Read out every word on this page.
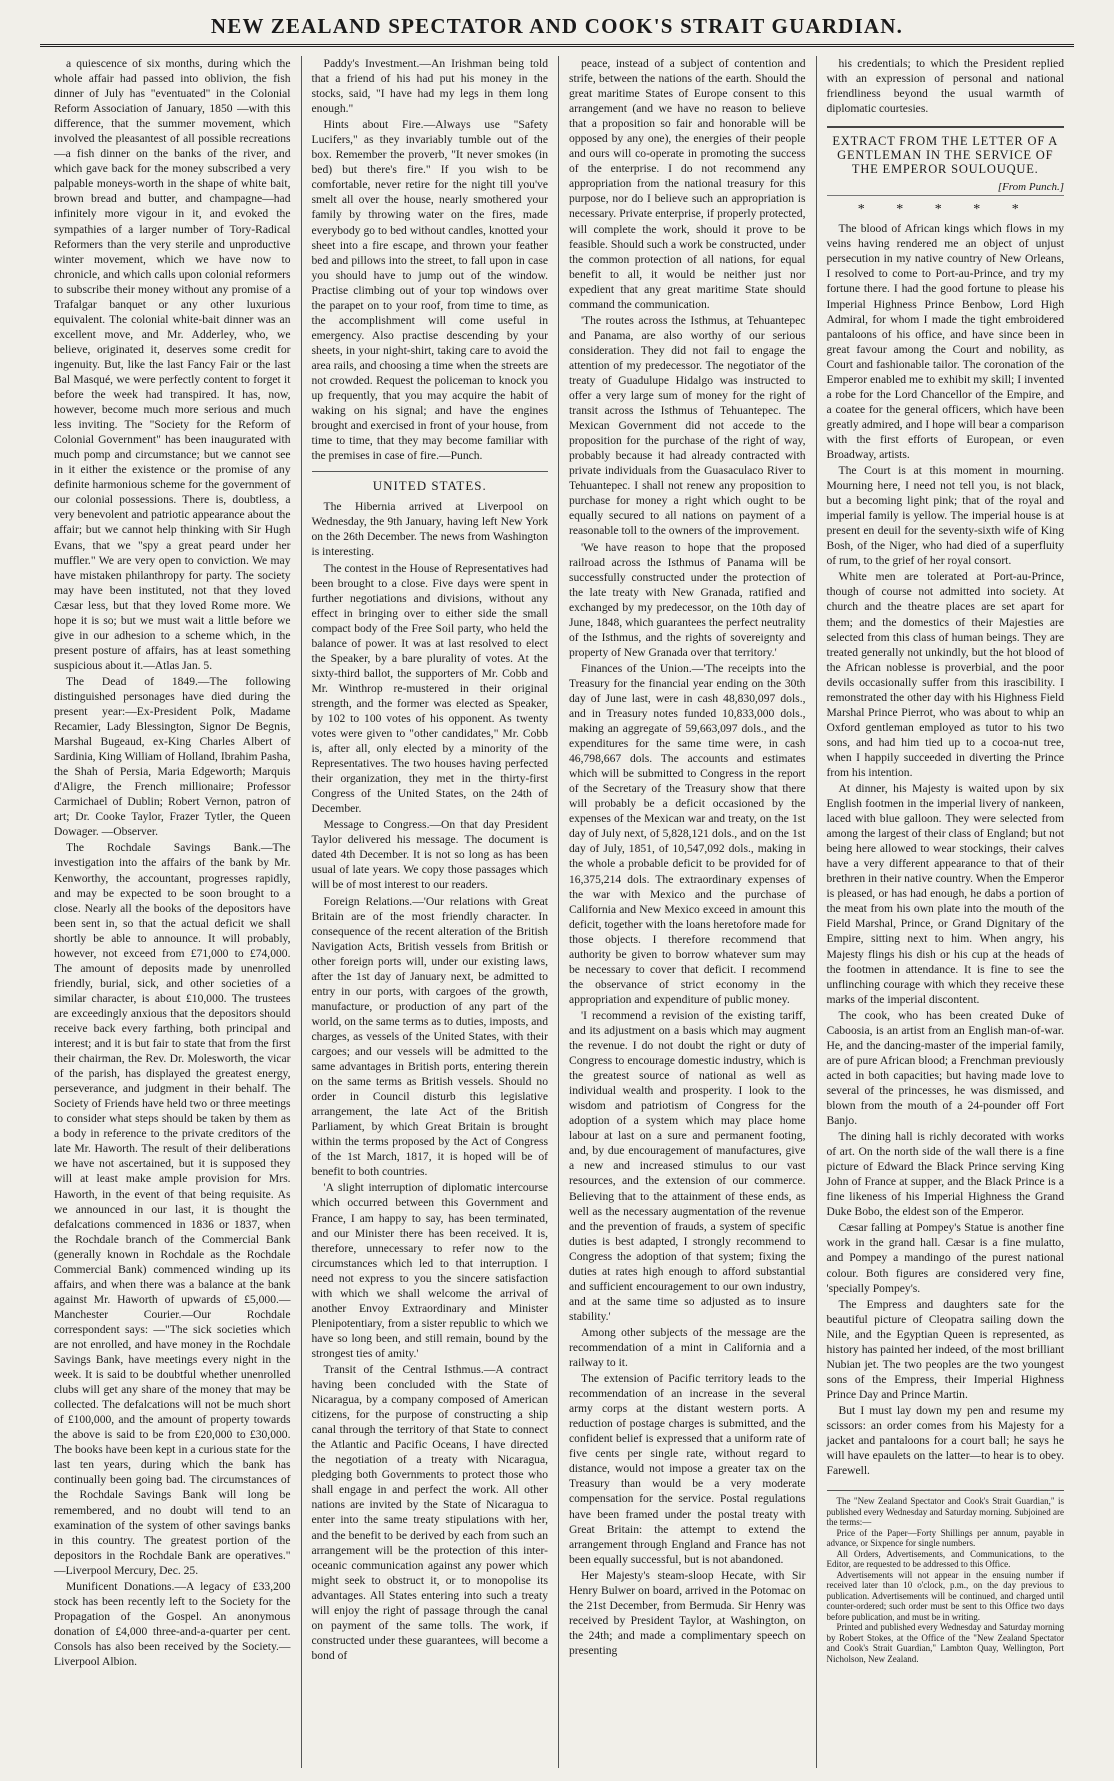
NEW ZEALAND SPECTATOR AND COOK'S STRAIT GUARDIAN.

a quiescence of six months, during which the whole affair had passed into oblivion, the fish dinner of July has "eventuated" in the Colonial Reform Association of January, 1850 —with this difference, that the summer movement, which involved the pleasantest of all possible recreations—a fish dinner on the banks of the river, and which gave back for the money subscribed a very palpable moneys-worth in the shape of white bait, brown bread and butter, and champagne—had infinitely more vigour in it, and evoked the sympathies of a larger number of Tory-Radical Reformers than the very sterile and unproductive winter movement, which we have now to chronicle, and which calls upon colonial reformers to subscribe their money without any promise of a Trafalgar banquet or any other luxurious equivalent. The colonial white-bait dinner was an excellent move, and Mr. Adderley, who, we believe, originated it, deserves some credit for ingenuity. But, like the last Fancy Fair or the last Bal Masqué, we were perfectly content to forget it before the week had transpired. It has, now, however, become much more serious and much less inviting. The "Society for the Reform of Colonial Government" has been inaugurated with much pomp and circumstance; but we cannot see in it either the existence or the promise of any definite harmonious scheme for the government of our colonial possessions. There is, doubtless, a very benevolent and patriotic appearance about the affair; but we cannot help thinking with Sir Hugh Evans, that we "spy a great peard under her muffler." We are very open to conviction. We may have mistaken philanthropy for party. The society may have been instituted, not that they loved Cæsar less, but that they loved Rome more. We hope it is so; but we must wait a little before we give in our adhesion to a scheme which, in the present posture of affairs, has at least something suspicious about it.—Atlas Jan. 5.

The Dead of 1849.—The following distinguished personages have died during the present year:—Ex-President Polk, Madame Recamier, Lady Blessington, Signor De Begnis, Marshal Bugeaud, ex-King Charles Albert of Sardinia, King William of Holland, Ibrahim Pasha, the Shah of Persia, Maria Edgeworth; Marquis d'Aligre, the French millionaire; Professor Carmichael of Dublin; Robert Vernon, patron of art; Dr. Cooke Taylor, Frazer Tytler, the Queen Dowager. —Observer.

The Rochdale Savings Bank.—The investigation into the affairs of the bank by Mr. Kenworthy, the accountant, progresses rapidly, and may be expected to be soon brought to a close. Nearly all the books of the depositors have been sent in, so that the actual deficit we shall shortly be able to announce. It will probably, however, not exceed from £71,000 to £74,000. The amount of deposits made by unenrolled friendly, burial, sick, and other societies of a similar character, is about £10,000. The trustees are exceedingly anxious that the depositors should receive back every farthing, both principal and interest; and it is but fair to state that from the first their chairman, the Rev. Dr. Molesworth, the vicar of the parish, has displayed the greatest energy, perseverance, and judgment in their behalf. The Society of Friends have held two or three meetings to consider what steps should be taken by them as a body in reference to the private creditors of the late Mr. Haworth. The result of their deliberations we have not ascertained, but it is supposed they will at least make ample provision for Mrs. Haworth, in the event of that being requisite. As we announced in our last, it is thought the defalcations commenced in 1836 or 1837, when the Rochdale branch of the Commercial Bank (generally known in Rochdale as the Rochdale Commercial Bank) commenced winding up its affairs, and when there was a balance at the bank against Mr. Haworth of upwards of £5,000.—Manchester Courier.—Our Rochdale correspondent says: —"The sick societies which are not enrolled, and have money in the Rochdale Savings Bank, have meetings every night in the week. It is said to be doubtful whether unenrolled clubs will get any share of the money that may be collected. The defalcations will not be much short of £100,000, and the amount of property towards the above is said to be from £20,000 to £30,000. The books have been kept in a curious state for the last ten years, during which the bank has continually been going bad. The circumstances of the Rochdale Savings Bank will long be remembered, and no doubt will tend to an examination of the system of other savings banks in this country. The greatest portion of the depositors in the Rochdale Bank are operatives." —Liverpool Mercury, Dec. 25.

Munificent Donations.—A legacy of £33,200 stock has been recently left to the Society for the Propagation of the Gospel. An anonymous donation of £4,000 three-and-a-quarter per cent. Consols has also been received by the Society.—Liverpool Albion.

Paddy's Investment.—An Irishman being told that a friend of his had put his money in the stocks, said, "I have had my legs in them long enough."

Hints about Fire.—Always use "Safety Lucifers," as they invariably tumble out of the box. Remember the proverb, "It never smokes (in bed) but there's fire." If you wish to be comfortable, never retire for the night till you've smelt all over the house, nearly smothered your family by throwing water on the fires, made everybody go to bed without candles, knotted your sheet into a fire escape, and thrown your feather bed and pillows into the street, to fall upon in case you should have to jump out of the window. Practise climbing out of your top windows over the parapet on to your roof, from time to time, as the accomplishment will come useful in emergency. Also practise descending by your sheets, in your night-shirt, taking care to avoid the area rails, and choosing a time when the streets are not crowded. Request the policeman to knock you up frequently, that you may acquire the habit of waking on his signal; and have the engines brought and exercised in front of your house, from time to time, that they may become familiar with the premises in case of fire.—Punch.

UNITED STATES.

The Hibernia arrived at Liverpool on Wednesday, the 9th January, having left New York on the 26th December. The news from Washington is interesting.

The contest in the House of Representatives had been brought to a close. Five days were spent in further negotiations and divisions, without any effect in bringing over to either side the small compact body of the Free Soil party, who held the balance of power. It was at last resolved to elect the Speaker, by a bare plurality of votes. At the sixty-third ballot, the supporters of Mr. Cobb and Mr. Winthrop re-mustered in their original strength, and the former was elected as Speaker, by 102 to 100 votes of his opponent. As twenty votes were given to "other candidates," Mr. Cobb is, after all, only elected by a minority of the Representatives. The two houses having perfected their organization, they met in the thirty-first Congress of the United States, on the 24th of December.

Message to Congress.—On that day President Taylor delivered his message. The document is dated 4th December. It is not so long as has been usual of late years. We copy those passages which will be of most interest to our readers.

Foreign Relations.—'Our relations with Great Britain are of the most friendly character. In consequence of the recent alteration of the British Navigation Acts, British vessels from British or other foreign ports will, under our existing laws, after the 1st day of January next, be admitted to entry in our ports, with cargoes of the growth, manufacture, or production of any part of the world, on the same terms as to duties, imposts, and charges, as vessels of the United States, with their cargoes; and our vessels will be admitted to the same advantages in British ports, entering therein on the same terms as British vessels. Should no order in Council disturb this legislative arrangement, the late Act of the British Parliament, by which Great Britain is brought within the terms proposed by the Act of Congress of the 1st March, 1817, it is hoped will be of benefit to both countries.

'A slight interruption of diplomatic intercourse which occurred between this Government and France, I am happy to say, has been terminated, and our Minister there has been received. It is, therefore, unnecessary to refer now to the circumstances which led to that interruption. I need not express to you the sincere satisfaction with which we shall welcome the arrival of another Envoy Extraordinary and Minister Plenipotentiary, from a sister republic to which we have so long been, and still remain, bound by the strongest ties of amity.'

Transit of the Central Isthmus.—A contract having been concluded with the State of Nicaragua, by a company composed of American citizens, for the purpose of constructing a ship canal through the territory of that State to connect the Atlantic and Pacific Oceans, I have directed the negotiation of a treaty with Nicaragua, pledging both Governments to protect those who shall engage in and perfect the work. All other nations are invited by the State of Nicaragua to enter into the same treaty stipulations with her, and the benefit to be derived by each from such an arrangement will be the protection of this inter-oceanic communication against any power which might seek to obstruct it, or to monopolise its advantages. All States entering into such a treaty will enjoy the right of passage through the canal on payment of the same tolls. The work, if constructed under these guarantees, will become a bond of

peace, instead of a subject of contention and strife, between the nations of the earth. Should the great maritime States of Europe consent to this arrangement (and we have no reason to believe that a proposition so fair and honorable will be opposed by any one), the energies of their people and ours will co-operate in promoting the success of the enterprise. I do not recommend any appropriation from the national treasury for this purpose, nor do I believe such an appropriation is necessary. Private enterprise, if properly protected, will complete the work, should it prove to be feasible. Should such a work be constructed, under the common protection of all nations, for equal benefit to all, it would be neither just nor expedient that any great maritime State should command the communication.

'The routes across the Isthmus, at Tehuantepec and Panama, are also worthy of our serious consideration. They did not fail to engage the attention of my predecessor. The negotiator of the treaty of Guadulupe Hidalgo was instructed to offer a very large sum of money for the right of transit across the Isthmus of Tehuantepec. The Mexican Government did not accede to the proposition for the purchase of the right of way, probably because it had already contracted with private individuals from the Guasaculaco River to Tehuantepec. I shall not renew any proposition to purchase for money a right which ought to be equally secured to all nations on payment of a reasonable toll to the owners of the improvement.

'We have reason to hope that the proposed railroad across the Isthmus of Panama will be successfully constructed under the protection of the late treaty with New Granada, ratified and exchanged by my predecessor, on the 10th day of June, 1848, which guarantees the perfect neutrality of the Isthmus, and the rights of sovereignty and property of New Granada over that territory.'

Finances of the Union.—'The receipts into the Treasury for the financial year ending on the 30th day of June last, were in cash 48,830,097 dols., and in Treasury notes funded 10,833,000 dols., making an aggregate of 59,663,097 dols., and the expenditures for the same time were, in cash 46,798,667 dols. The accounts and estimates which will be submitted to Congress in the report of the Secretary of the Treasury show that there will probably be a deficit occasioned by the expenses of the Mexican war and treaty, on the 1st day of July next, of 5,828,121 dols., and on the 1st day of July, 1851, of 10,547,092 dols., making in the whole a probable deficit to be provided for of 16,375,214 dols. The extraordinary expenses of the war with Mexico and the purchase of California and New Mexico exceed in amount this deficit, together with the loans heretofore made for those objects. I therefore recommend that authority be given to borrow whatever sum may be necessary to cover that deficit. I recommend the observance of strict economy in the appropriation and expenditure of public money.

'I recommend a revision of the existing tariff, and its adjustment on a basis which may augment the revenue. I do not doubt the right or duty of Congress to encourage domestic industry, which is the greatest source of national as well as individual wealth and prosperity. I look to the wisdom and patriotism of Congress for the adoption of a system which may place home labour at last on a sure and permanent footing, and, by due encouragement of manufactures, give a new and increased stimulus to our vast resources, and the extension of our commerce. Believing that to the attainment of these ends, as well as the necessary augmentation of the revenue and the prevention of frauds, a system of specific duties is best adapted, I strongly recommend to Congress the adoption of that system; fixing the duties at rates high enough to afford substantial and sufficient encouragement to our own industry, and at the same time so adjusted as to insure stability.'

Among other subjects of the message are the recommendation of a mint in California and a railway to it.

The extension of Pacific territory leads to the recommendation of an increase in the several army corps at the distant western ports. A reduction of postage charges is submitted, and the confident belief is expressed that a uniform rate of five cents per single rate, without regard to distance, would not impose a greater tax on the Treasury than would be a very moderate compensation for the service. Postal regulations have been framed under the postal treaty with Great Britain: the attempt to extend the arrangement through England and France has not been equally successful, but is not abandoned.

Her Majesty's steam-sloop Hecate, with Sir Henry Bulwer on board, arrived in the Potomac on the 21st December, from Bermuda. Sir Henry was received by President Taylor, at Washington, on the 24th; and made a complimentary speech on presenting

his credentials; to which the President replied with an expression of personal and national friendliness beyond the usual warmth of diplomatic courtesies.

EXTRACT FROM THE LETTER OF A GENTLEMAN IN THE SERVICE OF THE EMPEROR SOULOUQUE.
[From Punch.]
* * * * *

The blood of African kings which flows in my veins having rendered me an object of unjust persecution in my native country of New Orleans, I resolved to come to Port-au-Prince, and try my fortune there. I had the good fortune to please his Imperial Highness Prince Benbow, Lord High Admiral, for whom I made the tight embroidered pantaloons of his office, and have since been in great favour among the Court and nobility, as Court and fashionable tailor. The coronation of the Emperor enabled me to exhibit my skill; I invented a robe for the Lord Chancellor of the Empire, and a coatee for the general officers, which have been greatly admired, and I hope will bear a comparison with the first efforts of European, or even Broadway, artists.

The Court is at this moment in mourning. Mourning here, I need not tell you, is not black, but a becoming light pink; that of the royal and imperial family is yellow. The imperial house is at present en deuil for the seventy-sixth wife of King Bosh, of the Niger, who had died of a superfluity of rum, to the grief of her royal consort.

White men are tolerated at Port-au-Prince, though of course not admitted into society. At church and the theatre places are set apart for them; and the domestics of their Majesties are selected from this class of human beings. They are treated generally not unkindly, but the hot blood of the African noblesse is proverbial, and the poor devils occasionally suffer from this irascibility. I remonstrated the other day with his Highness Field Marshal Prince Pierrot, who was about to whip an Oxford gentleman employed as tutor to his two sons, and had him tied up to a cocoa-nut tree, when I happily succeeded in diverting the Prince from his intention.

At dinner, his Majesty is waited upon by six English footmen in the imperial livery of nankeen, laced with blue galloon. They were selected from among the largest of their class of England; but not being here allowed to wear stockings, their calves have a very different appearance to that of their brethren in their native country. When the Emperor is pleased, or has had enough, he dabs a portion of the meat from his own plate into the mouth of the Field Marshal, Prince, or Grand Dignitary of the Empire, sitting next to him. When angry, his Majesty flings his dish or his cup at the heads of the footmen in attendance. It is fine to see the unflinching courage with which they receive these marks of the imperial discontent.

The cook, who has been created Duke of Caboosia, is an artist from an English man-of-war. He, and the dancing-master of the imperial family, are of pure African blood; a Frenchman previously acted in both capacities; but having made love to several of the princesses, he was dismissed, and blown from the mouth of a 24-pounder off Fort Banjo.

The dining hall is richly decorated with works of art. On the north side of the wall there is a fine picture of Edward the Black Prince serving King John of France at supper, and the Black Prince is a fine likeness of his Imperial Highness the Grand Duke Bobo, the eldest son of the Emperor.

Cæsar falling at Pompey's Statue is another fine work in the grand hall. Cæsar is a fine mulatto, and Pompey a mandingo of the purest national colour. Both figures are considered very fine, 'specially Pompey's.

The Empress and daughters sate for the beautiful picture of Cleopatra sailing down the Nile, and the Egyptian Queen is represented, as history has painted her indeed, of the most brilliant Nubian jet. The two peoples are the two youngest sons of the Empress, their Imperial Highness Prince Day and Prince Martin.

But I must lay down my pen and resume my scissors: an order comes from his Majesty for a jacket and pantaloons for a court ball; he says he will have epaulets on the latter—to hear is to obey. Farewell.

The "New Zealand Spectator and Cook's Strait Guardian," is published every Wednesday and Saturday morning. Subjoined are the terms:—

Price of the Paper—Forty Shillings per annum, payable in advance, or Sixpence for single numbers.

All Orders, Advertisements, and Communications, to the Editor, are requested to be addressed to this Office.

Advertisements will not appear in the ensuing number if received later than 10 o'clock, p.m., on the day previous to publication. Advertisements will be continued, and charged until counter-ordered; such order must be sent to this Office two days before publication, and must be in writing.

Printed and published every Wednesday and Saturday morning by Robert Stokes, at the Office of the "New Zealand Spectator and Cook's Strait Guardian," Lambton Quay, Wellington, Port Nicholson, New Zealand.
